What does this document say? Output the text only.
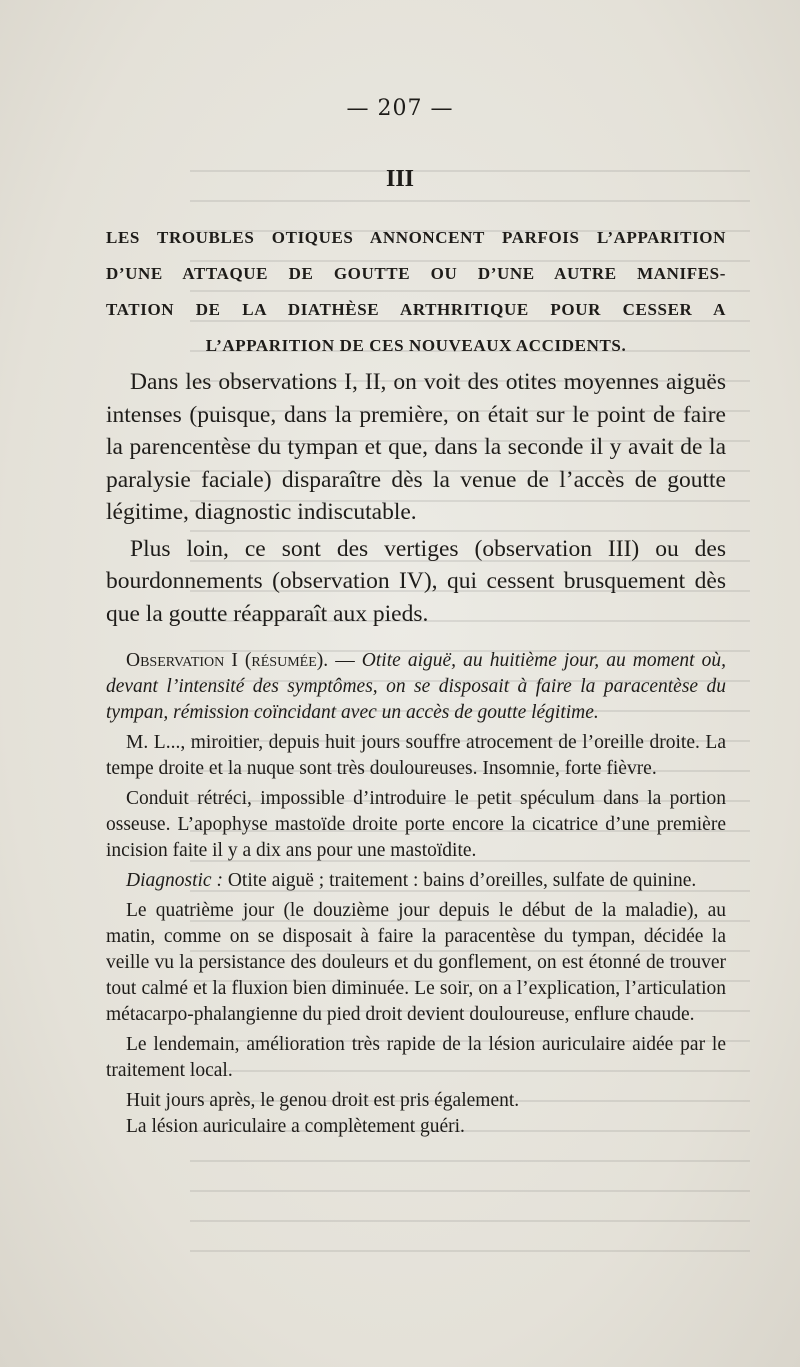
— 207 —
III
LES TROUBLES OTIQUES ANNONCENT PARFOIS L’APPARITION
D’UNE ATTAQUE DE GOUTTE OU D’UNE AUTRE MANIFES-
TATION DE LA DIATHÈSE ARTHRITIQUE POUR CESSER A
L’APPARITION DE CES NOUVEAUX ACCIDENTS.

Dans les observations I, II, on voit des otites moyennes aiguës intenses (puisque, dans la première, on était sur le point de faire la parencentèse du tympan et que, dans la seconde il y avait de la paralysie faciale) disparaître dès la venue de l’accès de goutte légitime, diagnostic indiscutable.

Plus loin, ce sont des vertiges (observation III) ou des bourdonnements (observation IV), qui cessent brusquement dès que la goutte réapparaît aux pieds.

Observation I (résumée). — Otite aiguë, au huitième jour, au moment où, devant l’intensité des symptômes, on se disposait à faire la paracentèse du tympan, rémission coïncidant avec un accès de goutte légitime.

M. L..., miroitier, depuis huit jours souffre atrocement de l’oreille droite. La tempe droite et la nuque sont très douloureuses. Insomnie, forte fièvre.

Conduit rétréci, impossible d’introduire le petit spéculum dans la portion osseuse. L’apophyse mastoïde droite porte encore la cicatrice d’une première incision faite il y a dix ans pour une mastoïdite.

Diagnostic : Otite aiguë ; traitement : bains d’oreilles, sulfate de quinine.

Le quatrième jour (le douzième jour depuis le début de la maladie), au matin, comme on se disposait à faire la paracentèse du tympan, décidée la veille vu la persistance des douleurs et du gonflement, on est étonné de trouver tout calmé et la fluxion bien diminuée. Le soir, on a l’explication, l’articulation métacarpo-phalangienne du pied droit devient douloureuse, enflure chaude.

Le lendemain, amélioration très rapide de la lésion auriculaire aidée par le traitement local.

Huit jours après, le genou droit est pris également.

La lésion auriculaire a complètement guéri.
